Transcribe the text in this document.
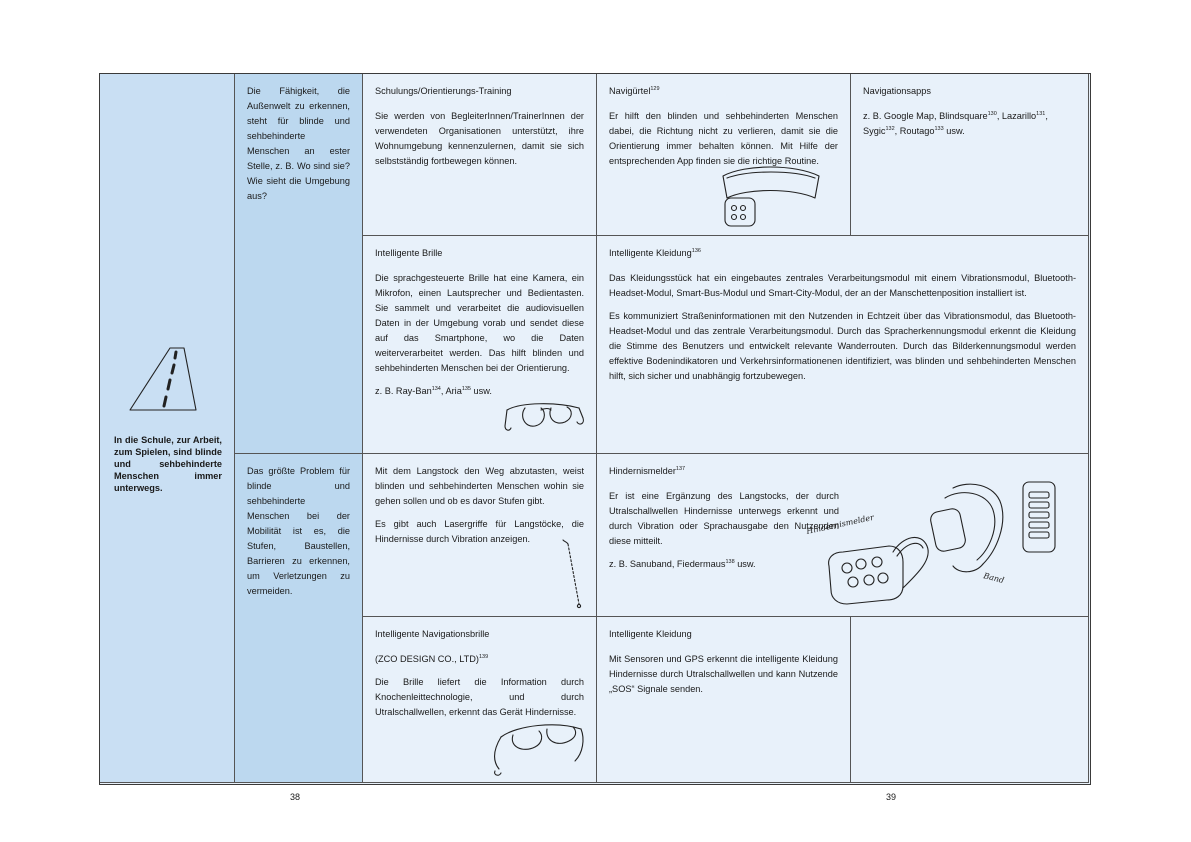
In die Schule, zur Arbeit, zum Spielen, sind blinde und sehbehinderte Menschen immer unterwegs.

Die Fähigkeit, die Außenwelt zu erkennen, steht für blinde und sehbehinderte Menschen an ester Stelle, z. B. Wo sind sie? Wie sieht die Umgebung aus?

Das größte Problem für blinde und sehbehinderte Menschen bei der Mobilität ist es, die Stufen, Baustellen, Barrieren zu erkennen, um Verletzungen zu vermeiden.

Schulungs/Orientierungs-Training

Sie werden von BegleiterInnen/TrainerInnen der verwendeten Organisationen unterstützt, ihre Wohnumgebung kennenzulernen, damit sie sich selbstständig fortbewegen können.

Navigürtel$^{129}$

Er hilft den blinden und sehbehinderten Menschen dabei, die Richtung nicht zu verlieren, damit sie die Orientierung immer behalten können. Mit Hilfe der entsprechenden App finden sie die richtige Routine.

Navigationsapps

z. B. Google Map, Blindsquare$^{130}$, Lazarillo$^{131}$, Sygic$^{132}$, Routago$^{133}$ usw.

Intelligente Brille

Die sprachgesteuerte Brille hat eine Kamera, ein Mikrofon, einen Lautsprecher und Bedientasten. Sie sammelt und verarbeitet die audiovisuellen Daten in der Umgebung vorab und sendet diese auf das Smartphone, wo die Daten weiterverarbeitet werden. Das hilft blinden und sehbehinderten Menschen bei der Orientierung.

z. B. Ray-Ban$^{134}$, Aria$^{135}$ usw.

Intelligente Kleidung$^{136}$

Das Kleidungsstück hat ein eingebautes zentrales Verarbeitungsmodul mit einem Vibrationsmodul, Bluetooth-Headset-Modul, Smart-Bus-Modul und Smart-City-Modul, der an der Manschettenposition installiert ist.

Es kommuniziert Straßeninformationen mit den Nutzenden in Echtzeit über das Vibrationsmodul, das Bluetooth-Headset-Modul und das zentrale Verarbeitungsmodul. Durch das Spracherkennungsmodul erkennt die Kleidung die Stimme des Benutzers und entwickelt relevante Wanderrouten. Durch das Bilderkennungsmodul werden effektive Bodenindikatoren und Verkehrsinformationenen identifiziert, was blinden und sehbehinderten Menschen hilft, sich sicher und unabhängig fortzubewegen.

Mit dem Langstock den Weg abzutasten, weist blinden und sehbehinderten Menschen wohin sie gehen sollen und ob es davor Stufen gibt.

Es gibt auch Lasergriffe für Langstöcke, die Hindernisse durch Vibration anzeigen.

Hindernismelder$^{137}$

Er ist eine Ergänzung des Langstocks, der durch Utralschallwellen Hindernisse unterwegs erkennt und durch Vibration oder Sprachausgabe den Nutzenden diese mitteilt.

z. B. Sanuband, Fiedermaus$^{138}$ usw.

Hindernismelder
Band
Intelligente Navigationsbrille

(ZCO DESIGN CO., LTD)$^{139}$

Die Brille liefert die Information durch Knochenleittechnologie, und durch Utralschallwellen, erkennt das Gerät Hindernisse.

Intelligente Kleidung

Mit Sensoren und GPS erkennt die intelligente Kleidung Hindernisse durch Utralschallwellen und kann Nutzende „SOS“ Signale senden.

38	39
